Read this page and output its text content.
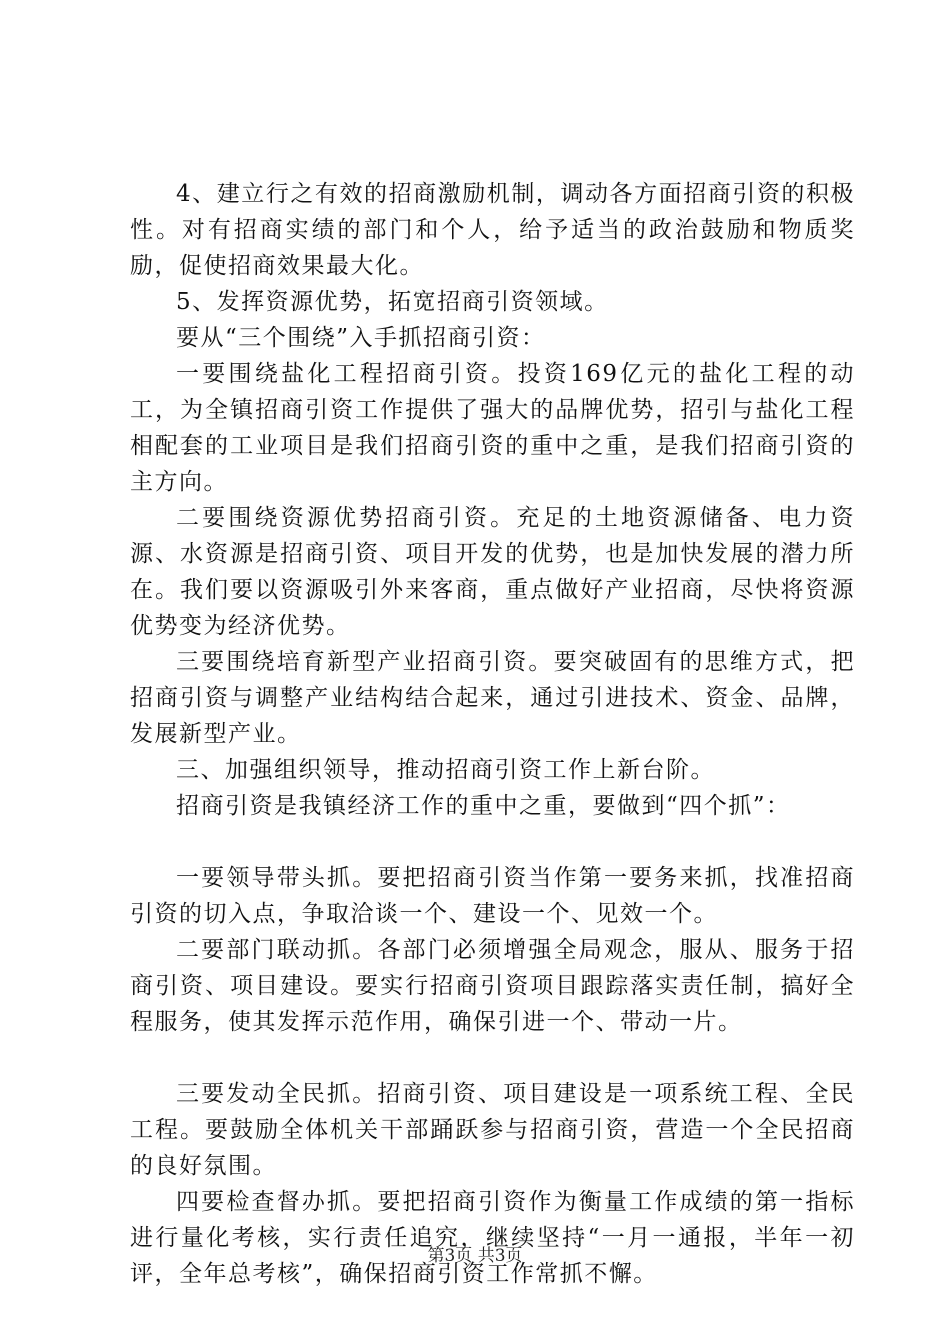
4、建立行之有效的招商激励机制，调动各方面招商引资的积极性。对有招商实绩的部门和个人，给予适当的政治鼓励和物质奖励，促使招商效果最大化。

5、发挥资源优势，拓宽招商引资领域。

要从“三个围绕”入手抓招商引资：

一要围绕盐化工程招商引资。投资169亿元的盐化工程的动工，为全镇招商引资工作提供了强大的品牌优势，招引与盐化工程相配套的工业项目是我们招商引资的重中之重，是我们招商引资的主方向。

二要围绕资源优势招商引资。充足的土地资源储备、电力资源、水资源是招商引资、项目开发的优势，也是加快发展的潜力所在。我们要以资源吸引外来客商，重点做好产业招商，尽快将资源优势变为经济优势。

三要围绕培育新型产业招商引资。要突破固有的思维方式，把招商引资与调整产业结构结合起来，通过引进技术、资金、品牌，发展新型产业。

三、加强组织领导，推动招商引资工作上新台阶。

招商引资是我镇经济工作的重中之重，要做到“四个抓”：

一要领导带头抓。要把招商引资当作第一要务来抓，找准招商引资的切入点，争取洽谈一个、建设一个、见效一个。

二要部门联动抓。各部门必须增强全局观念，服从、服务于招商引资、项目建设。要实行招商引资项目跟踪落实责任制，搞好全程服务，使其发挥示范作用，确保引进一个、带动一片。

三要发动全民抓。招商引资、项目建设是一项系统工程、全民工程。要鼓励全体机关干部踊跃参与招商引资，营造一个全民招商的良好氛围。

四要检查督办抓。要把招商引资作为衡量工作成绩的第一指标进行量化考核，实行责任追究，继续坚持“一月一通报，半年一初评，全年总考核”，确保招商引资工作常抓不懈。

第3页 共3页
